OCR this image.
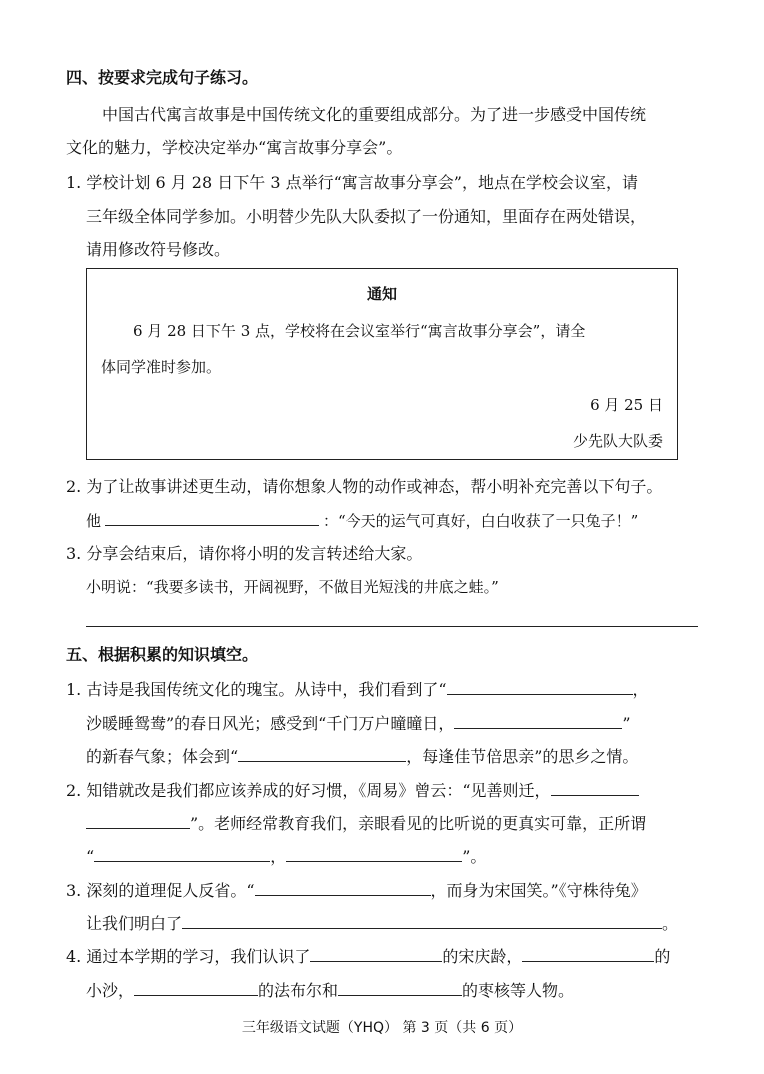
四、按要求完成句子练习。
中国古代寓言故事是中国传统文化的重要组成部分。为了进一步感受中国传统
文化的魅力，学校决定举办“寓言故事分享会”。
1. 学校计划 6 月 28 日下午 3 点举行“寓言故事分享会”，地点在学校会议室，请
三年级全体同学参加。小明替少先队大队委拟了一份通知，里面存在两处错误，
请用修改符号修改。
通知
6 月 28 日下午 3 点，学校将在会议室举行“寓言故事分享会”，请全
体同学准时参加。
6 月 25 日
少先队大队委
2. 为了让故事讲述更生动，请你想象人物的动作或神态，帮小明补充完善以下句子。
他	：“今天的运气可真好，白白收获了一只兔子！”
3. 分享会结束后，请你将小明的发言转述给大家。
小明说：“我要多读书，开阔视野，不做目光短浅的井底之蛙。”
五、根据积累的知识填空。
1. 古诗是我国传统文化的瑰宝。从诗中，我们看到了“	，
沙暖睡鸳鸯”的春日风光；感受到“千门万户曈曈日，	”
的新春气象；体会到“	，每逢佳节倍思亲”的思乡之情。
2. 知错就改是我们都应该养成的好习惯，《周易》曾云：“见善则迁，
”。老师经常教育我们，亲眼看见的比听说的更真实可靠，正所谓
“	，	”。
3. 深刻的道理促人反省。“	，而身为宋国笑。”《守株待兔》
让我们明白了	。
4. 通过本学期的学习，我们认识了	的宋庆龄，	的
小沙，	的法布尔和	的枣核等人物。
三年级语文试题（YHQ） 第 3 页（共 6 页）
